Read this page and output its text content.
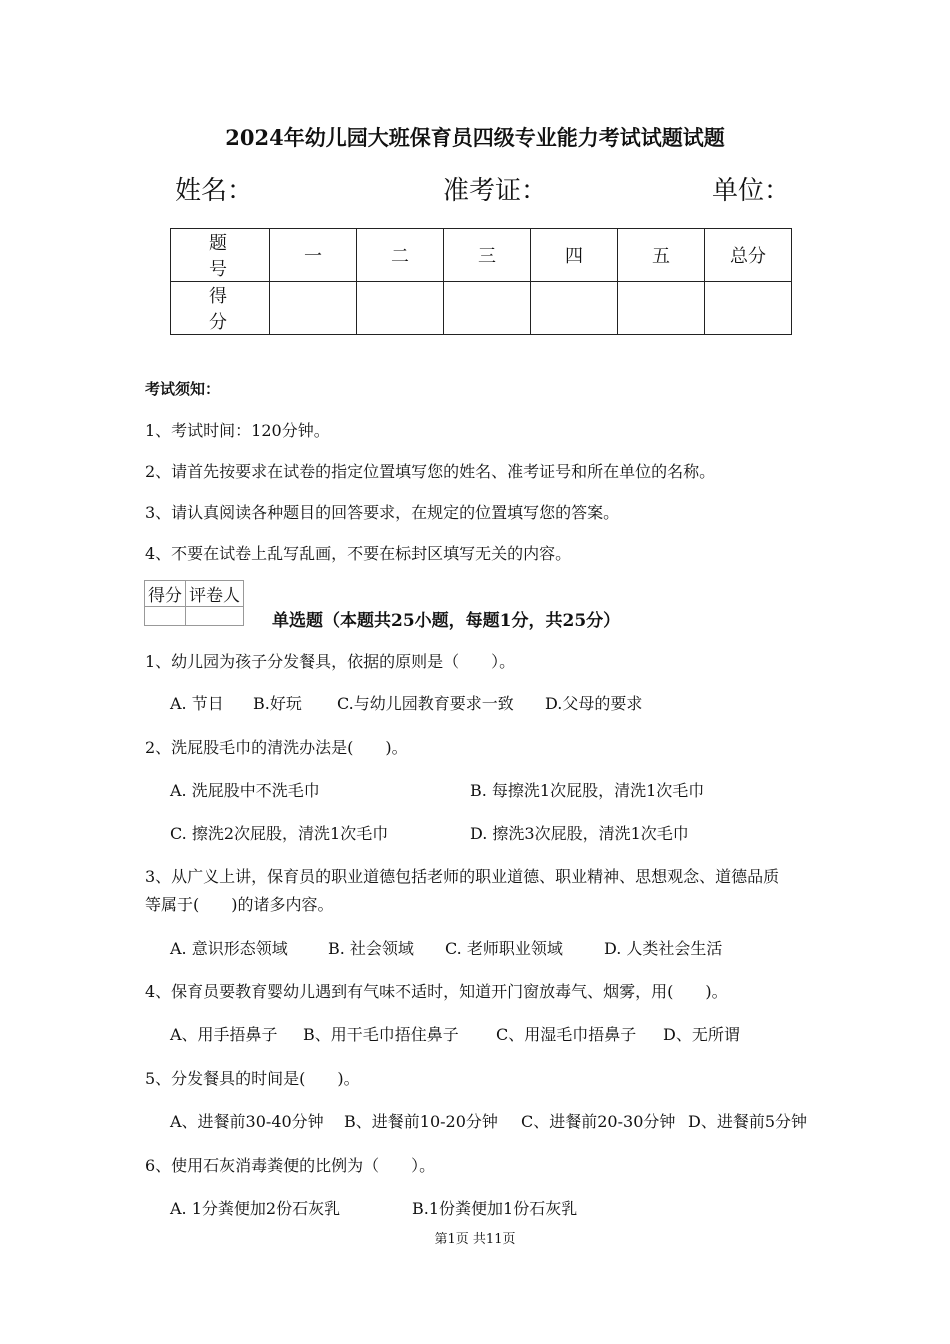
2024年幼儿园大班保育员四级专业能力考试试题试题
姓名：	准考证：	单位：
题 号	一	二	三	四	五	总分
得 分						
考试须知：
1、考试时间：120分钟。
2、请首先按要求在试卷的指定位置填写您的姓名、准考证号和所在单位的名称。
3、请认真阅读各种题目的回答要求，在规定的位置填写您的答案。
4、不要在试卷上乱写乱画，不要在标封区填写无关的内容。
得分	评卷人

单选题（本题共25小题，每题1分，共25分）
1、幼儿园为孩子分发餐具，依据的原则是（　　）。
A. 节日 B.好玩 C.与幼儿园教育要求一致 D.父母的要求
2、洗屁股毛巾的清洗办法是(　　)。
A. 洗屁股中不洗毛巾	B. 每擦洗1次屁股，清洗1次毛巾
C. 擦洗2次屁股，清洗1次毛巾	D. 擦洗3次屁股，清洗1次毛巾
3、从广义上讲，保育员的职业道德包括老师的职业道德、职业精神、思想观念、道德品质
等属于(　　)的诸多内容。
A. 意识形态领域	B. 社会领域 C. 老师职业领域	D. 人类社会生活
4、保育员要教育婴幼儿遇到有气味不适时，知道开门窗放毒气、烟雾，用(　　)。
A、用手捂鼻子 B、用干毛巾捂住鼻子 C、用湿毛巾捂鼻子 D、无所谓
5、分发餐具的时间是(　　)。
A、进餐前30-40分钟 B、进餐前10-20分钟 C、进餐前20-30分钟 D、进餐前5分钟
6、使用石灰消毒粪便的比例为（　　）。
A. 1分粪便加2份石灰乳	B.1份粪便加1份石灰乳
第1页 共11页
